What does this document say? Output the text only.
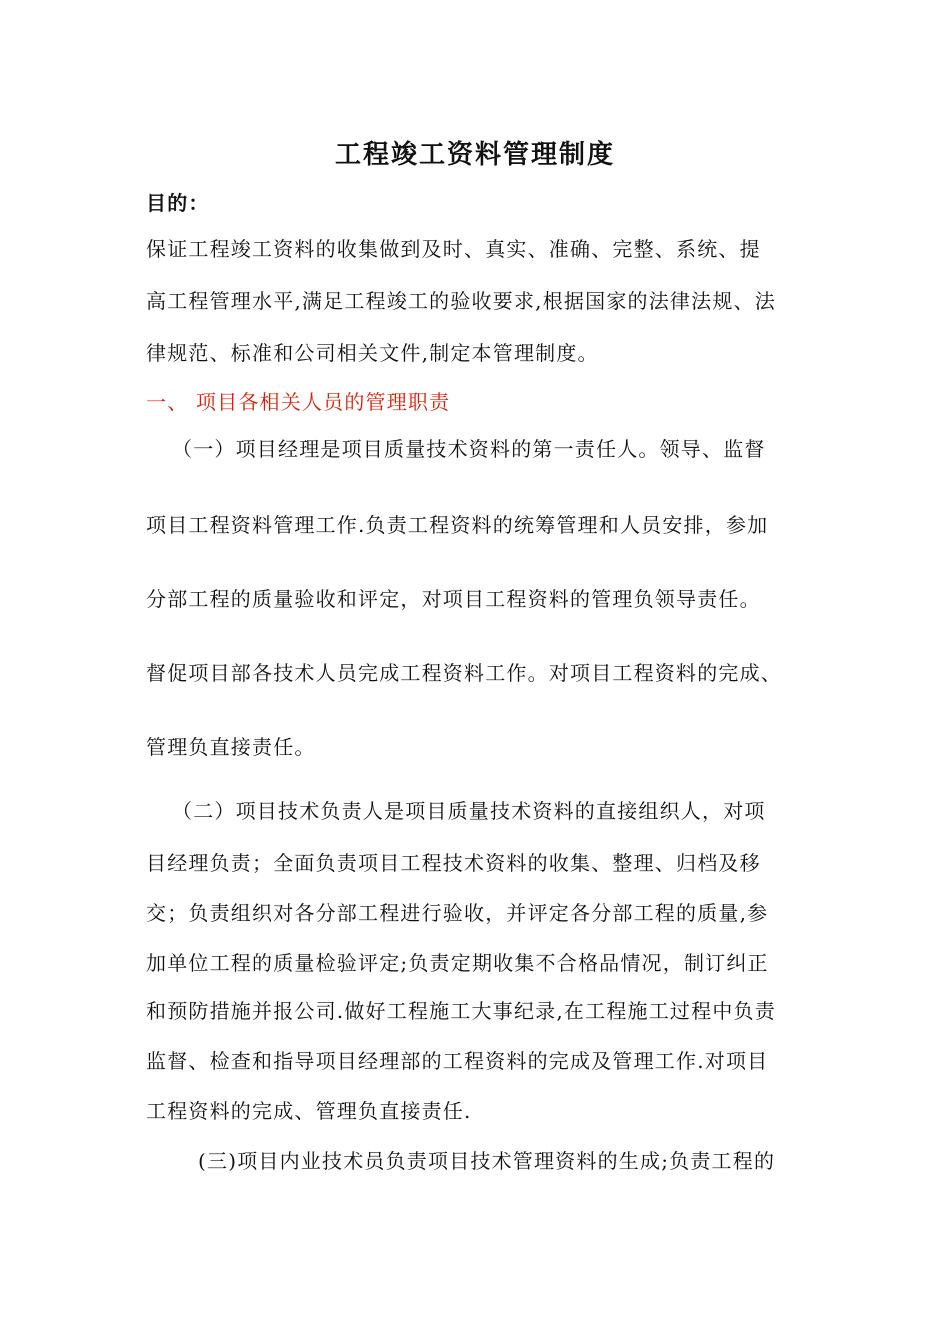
工程竣工资料管理制度
目的：
保证工程竣工资料的收集做到及时、真实、准确、完整、系统、提
高工程管理水平,满足工程竣工的验收要求,根据国家的法律法规、法
律规范、标准和公司相关文件,制定本管理制度。
一、 项目各相关人员的管理职责
（一）项目经理是项目质量技术资料的第一责任人。领导、监督
项目工程资料管理工作.负责工程资料的统筹管理和人员安排，参加
分部工程的质量验收和评定，对项目工程资料的管理负领导责任。
督促项目部各技术人员完成工程资料工作。对项目工程资料的完成、
管理负直接责任。
（二）项目技术负责人是项目质量技术资料的直接组织人，对项
目经理负责；全面负责项目工程技术资料的收集、整理、归档及移
交；负责组织对各分部工程进行验收，并评定各分部工程的质量,参
加单位工程的质量检验评定;负责定期收集不合格品情况，制订纠正
和预防措施并报公司.做好工程施工大事纪录,在工程施工过程中负责
监督、检查和指导项目经理部的工程资料的完成及管理工作.对项目
工程资料的完成、管理负直接责任.
(三)项目内业技术员负责项目技术管理资料的生成;负责工程的
